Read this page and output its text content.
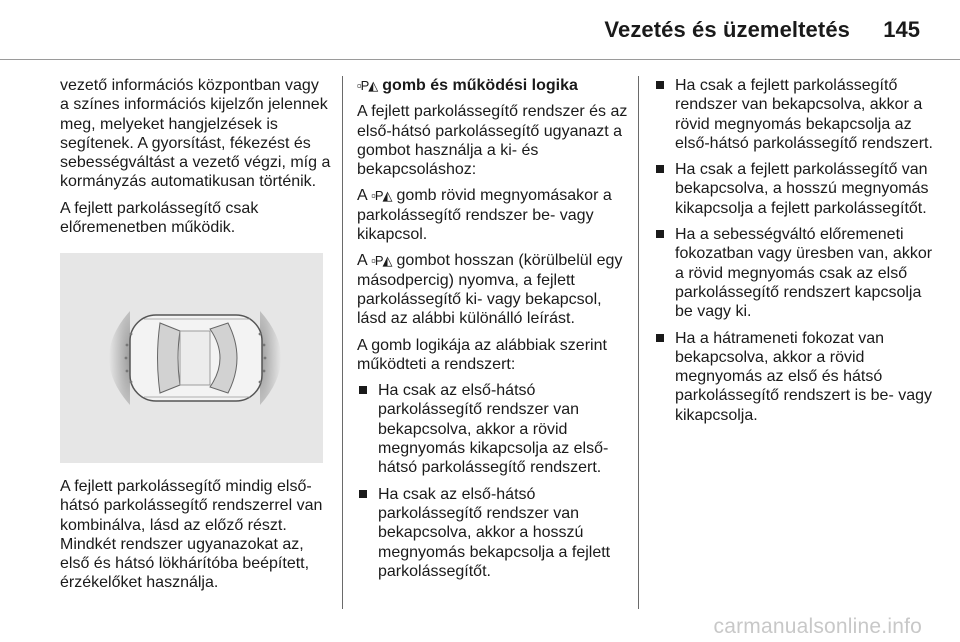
Vezetés és üzemeltetés 145

vezető információs központban vagy a színes információs kijelzőn jelennek meg, melyeket hangjelzések is segítenek. A gyorsítást, fékezést és sebességváltást a vezető végzi, míg a kormányzás automatikusan történik.

A fejlett parkolássegítő csak előremenetben működik.

A fejlett parkolássegítő mindig első-hátsó parkolássegítő rendszerrel van kombinálva, lásd az előző részt. Mindkét rendszer ugyanazokat az, első és hátsó lökhárítóba beépített, érzékelőket használja.

▫P◭ gomb és működési logika

A fejlett parkolássegítő rendszer és az első-hátsó parkolássegítő ugyanazt a gombot használja a ki- és bekapcsoláshoz:

A ▫P◭ gomb rövid megnyomásakor a parkolássegítő rendszer be- vagy kikapcsol.

A ▫P◭ gombot hosszan (körülbelül egy másodpercig) nyomva, a fejlett parkolássegítő ki- vagy bekapcsol, lásd az alábbi különálló leírást.

A gomb logikája az alábbiak szerint működteti a rendszert:

Ha csak az első-hátsó parkolássegítő rendszer van bekapcsolva, akkor a rövid megnyomás kikapcsolja az első-hátsó parkolássegítő rendszert.
Ha csak az első-hátsó parkolássegítő rendszer van bekapcsolva, akkor a hosszú megnyomás bekapcsolja a fejlett parkolássegítőt.
Ha csak a fejlett parkolássegítő rendszer van bekapcsolva, akkor a rövid megnyomás bekapcsolja az első-hátsó parkolássegítő rendszert.
Ha csak a fejlett parkolássegítő van bekapcsolva, a hosszú megnyomás kikapcsolja a fejlett parkolássegítőt.
Ha a sebességváltó előremeneti fokozatban vagy üresben van, akkor a rövid megnyomás csak az első parkolássegítő rendszert kapcsolja be vagy ki.
Ha a hátrameneti fokozat van bekapcsolva, akkor a rövid megnyomás az első és hátsó parkolássegítő rendszert is be- vagy kikapcsolja.
carmanualsonline.info
